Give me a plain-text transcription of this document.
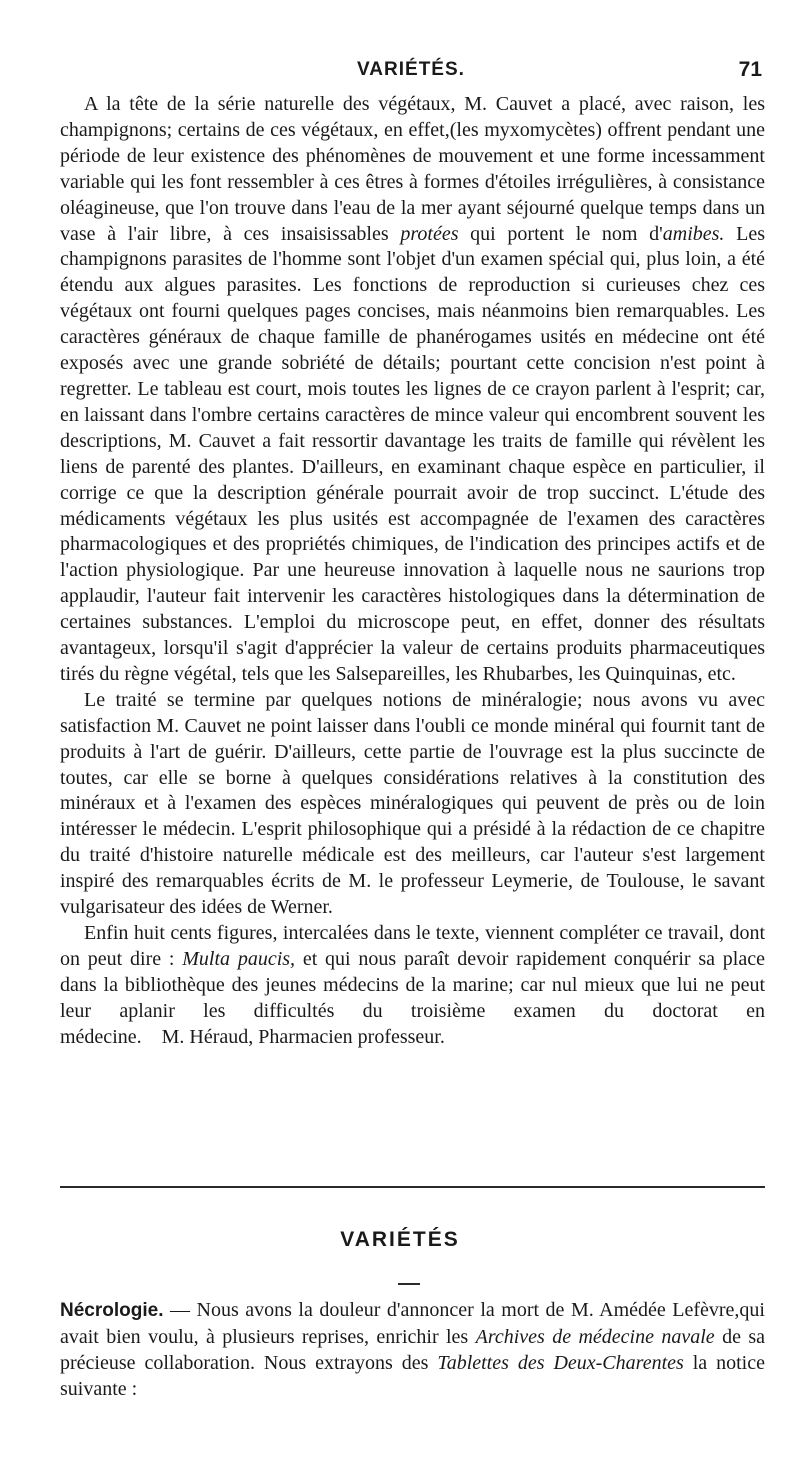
VARIÉTÉS.	71

A la tête de la série naturelle des végétaux, M. Cauvet a placé, avec raison, les champignons; certains de ces végétaux, en effet,(les myxomycètes) offrent pendant une période de leur existence des phénomènes de mouvement et une forme incessamment variable qui les font ressembler à ces êtres à formes d'étoiles irrégulières, à consistance oléagineuse, que l'on trouve dans l'eau de la mer ayant séjourné quelque temps dans un vase à l'air libre, à ces insaisissables protées qui portent le nom d'amibes. Les champignons parasites de l'homme sont l'objet d'un examen spécial qui, plus loin, a été étendu aux algues parasites. Les fonctions de reproduction si curieuses chez ces végétaux ont fourni quelques pages concises, mais néanmoins bien remarquables. Les caractères généraux de chaque famille de phanérogames usités en médecine ont été exposés avec une grande sobriété de détails; pourtant cette concision n'est point à regretter. Le tableau est court, mois toutes les lignes de ce crayon parlent à l'esprit; car, en laissant dans l'ombre certains caractères de mince valeur qui encombrent souvent les descriptions, M. Cauvet a fait ressortir davantage les traits de famille qui révèlent les liens de parenté des plantes. D'ailleurs, en examinant chaque espèce en particulier, il corrige ce que la description générale pourrait avoir de trop succinct. L'étude des médicaments végétaux les plus usités est accompagnée de l'examen des caractères pharmacologiques et des propriétés chimiques, de l'indication des principes actifs et de l'action physiologique. Par une heureuse innovation à laquelle nous ne saurions trop applaudir, l'auteur fait intervenir les caractères histologiques dans la détermination de certaines substances. L'emploi du microscope peut, en effet, donner des résultats avantageux, lorsqu'il s'agit d'apprécier la valeur de certains produits pharmaceutiques tirés du règne végétal, tels que les Salsepareilles, les Rhubarbes, les Quinquinas, etc.

Le traité se termine par quelques notions de minéralogie; nous avons vu avec satisfaction M. Cauvet ne point laisser dans l'oubli ce monde minéral qui fournit tant de produits à l'art de guérir. D'ailleurs, cette partie de l'ouvrage est la plus succincte de toutes, car elle se borne à quelques considérations relatives à la constitution des minéraux et à l'examen des espèces minéralogiques qui peuvent de près ou de loin intéresser le médecin. L'esprit philosophique qui a présidé à la rédaction de ce chapitre du traité d'histoire naturelle médicale est des meilleurs, car l'auteur s'est largement inspiré des remarquables écrits de M. le professeur Leymerie, de Toulouse, le savant vulgarisateur des idées de Werner.

Enfin huit cents figures, intercalées dans le texte, viennent compléter ce travail, dont on peut dire : Multa paucis, et qui nous paraît devoir rapidement conquérir sa place dans la bibliothèque des jeunes médecins de la marine; car nul mieux que lui ne peut leur aplanir les difficultés du troisième examen du doctorat en médecine. M. Héraud, Pharmacien professeur.

VARIÉTÉS
Nécrologie. — Nous avons la douleur d'annoncer la mort de M. Amédée Lefèvre,qui avait bien voulu, à plusieurs reprises, enrichir les Archives de médecine navale de sa précieuse collaboration. Nous extrayons des Tablettes des Deux-Charentes la notice suivante :
